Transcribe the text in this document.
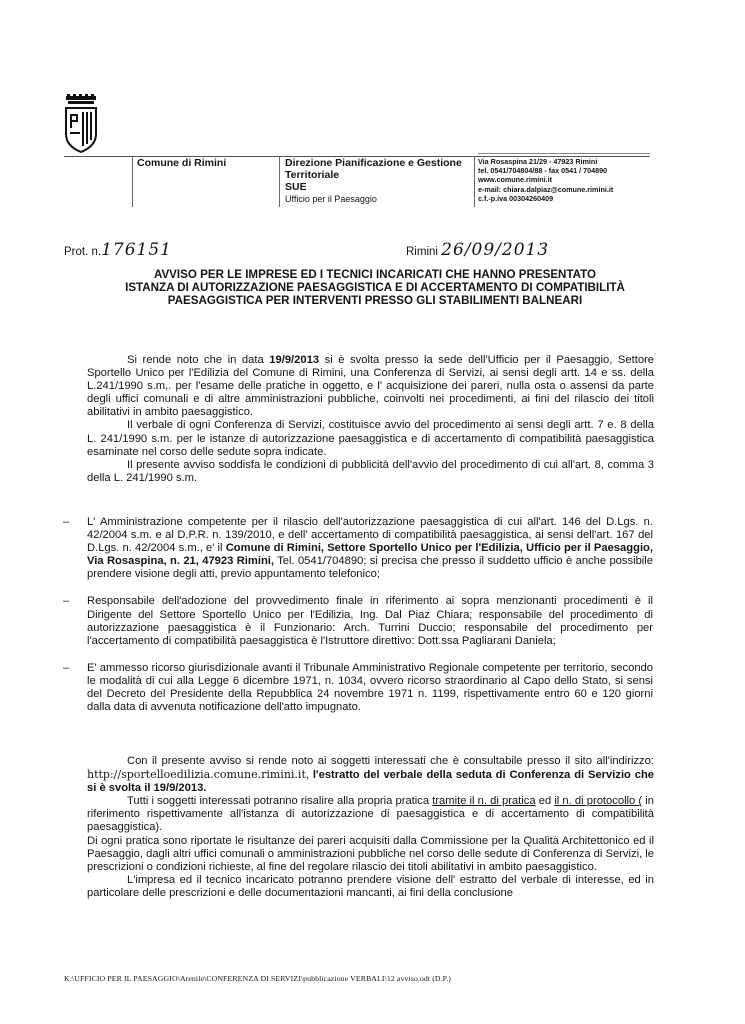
Comune di Rimini	Direzione Pianificazione e Gestione
Territoriale
SUE
Ufficio per il Paesaggio
Via Rosaspina 21/29 - 47923 Rimini
tel. 0541/704804/88 - fax 0541 / 704890
www.comune.rimini.it
e-mail: chiara.dalpiaz@comune.rimini.it
c.f.-p.iva 00304260409
Prot. n.176151	Rimini 26/09/2013
AVVISO PER LE IMPRESE ED I TECNICI INCARICATI CHE HANNO PRESENTATO
ISTANZA DI AUTORIZZAZIONE PAESAGGISTICA E DI ACCERTAMENTO DI COMPATIBILITÀ
PAESAGGISTICA PER INTERVENTI PRESSO GLI STABILIMENTI BALNEARI

Si rende noto che in data 19/9/2013 si è svolta presso la sede dell'Ufficio per il Paesaggio, Settore Sportello Unico per l'Edilizia del Comune di Rimini, una Conferenza di Servizi, ai sensi degli artt. 14 e ss. della L.241/1990 s.m,. per l'esame delle pratiche in oggetto, e l' acquisizione dei pareri, nulla osta o assensi da parte degli uffici comunali e di altre amministrazioni pubbliche, coinvolti nei procedimenti, ai fini del rilascio dei titoli abilitativi in ambito paesaggistico.

Il verbale di ogni Conferenza di Servizi, costituisce avvio del procedimento ai sensi degli artt. 7 e. 8 della L. 241/1990 s.m. per le istanze di autorizzazione paesaggistica e di accertamento di compatibilità paesaggistica esaminate nel corso delle sedute sopra indicate.

Il presente avviso soddisfa le condizioni di pubblicità dell'avvio del procedimento di cui all'art. 8, comma 3 della L. 241/1990 s.m.

– L' Amministrazione competente per il rilascio dell'autorizzazione paesaggistica di cui all'art. 146 del D.Lgs. n. 42/2004 s.m. e al D.P.R. n. 139/2010, e dell' accertamento di compatibilità paesaggistica, ai sensi dell'art. 167 del D.Lgs. n. 42/2004 s.m., e' il Comune di Rimini, Settore Sportello Unico per l'Edilizia, Ufficio per il Paesaggio, Via Rosaspina, n. 21, 47923 Rimini, Tel. 0541/704890; si precisa che presso il suddetto ufficio è anche possibile prendere visione degli atti, previo appuntamento telefonico;
– Responsabile dell'adozione del provvedimento finale in riferimento ai sopra menzionanti procedimenti è il Dirigente del Settore Sportello Unico per l'Edilizia, Ing. Dal Piaz Chiara; responsabile del procedimento di autorizzazione paesaggistica è il Funzionario: Arch. Turrini Duccio; responsabile del procedimento per l'accertamento di compatibilità paesaggistica è l'Istruttore direttivo: Dott.ssa Pagliarani Daniela;
– E' ammesso ricorso giurisdizionale avanti il Tribunale Amministrativo Regionale competente per territorio, secondo le modalità di cui alla Legge 6 dicembre 1971, n. 1034, ovvero ricorso straordinario al Capo dello Stato, si sensi del Decreto del Presidente della Repubblica 24 novembre 1971 n. 1199, rispettivamente entro 60 e 120 giorni dalla data di avvenuta notificazione dell'atto impugnato.

Con il presente avviso si rende noto ai soggetti interessati che è consultabile presso il sito all'indirizzo: http://sportelloedilizia.comune.rimini.it, l'estratto del verbale della seduta di Conferenza di Servizio che si è svolta il 19/9/2013.

Tutti i soggetti interessati potranno risalire alla propria pratica tramite il n. di pratica ed il n. di protocollo ( in riferimento rispettivamente all'istanza di autorizzazione di paesaggistica e di accertamento di compatibilità paesaggistica).

Di ogni pratica sono riportate le risultanze dei pareri acquisiti dalla Commissione per la Qualità Architettonico ed il Paesaggio, dagli altri uffici comunali o amministrazioni pubbliche nel corso delle sedute di Conferenza di Servizi, le prescrizioni o condizioni richieste, al fine del regolare rilascio dei titoli abilitativi in ambito paesaggistico.

L'impresa ed il tecnico incaricato potranno prendere visione dell' estratto del verbale di interesse, ed in particolare delle prescrizioni e delle documentazioni mancanti, ai fini della conclusione

K:\UFFICIO PER IL PAESAGGIO\Arenile\CONFERENZA DI SERVIZI\pubblicazione VERBALI\12 avviso.odt (D.P.)
